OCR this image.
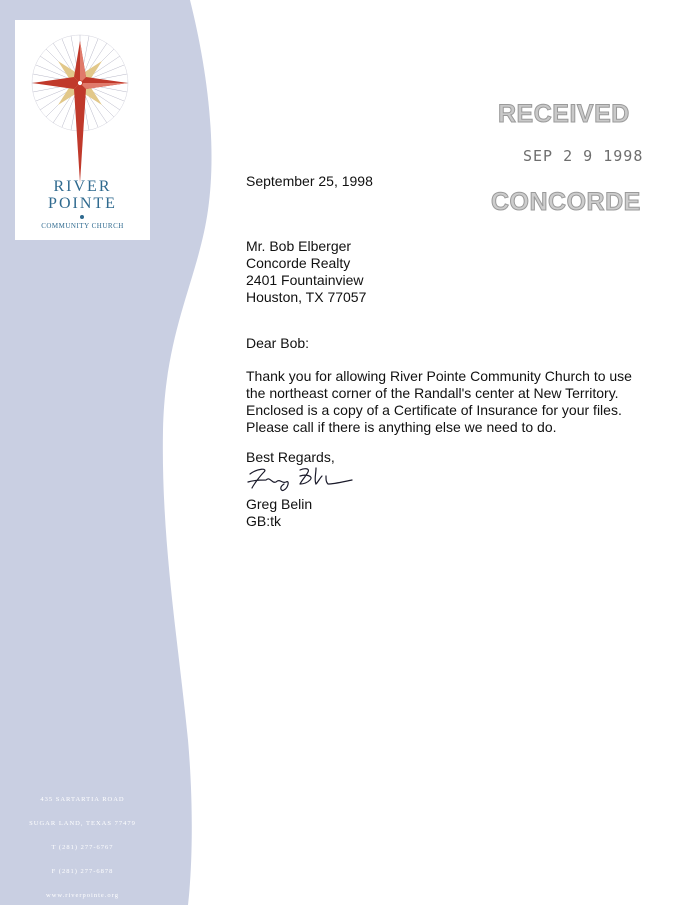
RIVER
POINTE
COMMUNITY CHURCH
435 SARTARTIA ROAD
SUGAR LAND, TEXAS 77479
T (281) 277-6767
F (281) 277-6878
www.riverpointe.org
RECEIVED
SEP 2 9 1998
CONCORDE
September 25, 1998
Mr. Bob Elberger
Concorde Realty
2401 Fountainview
Houston, TX 77057
Dear Bob:
Thank you for allowing River Pointe Community Church to use
the northeast corner of the Randall's center at New Territory.
Enclosed is a copy of a Certificate of Insurance for your files.
Please call if there is anything else we need to do.
Best Regards,
Greg Belin
GB:tk
